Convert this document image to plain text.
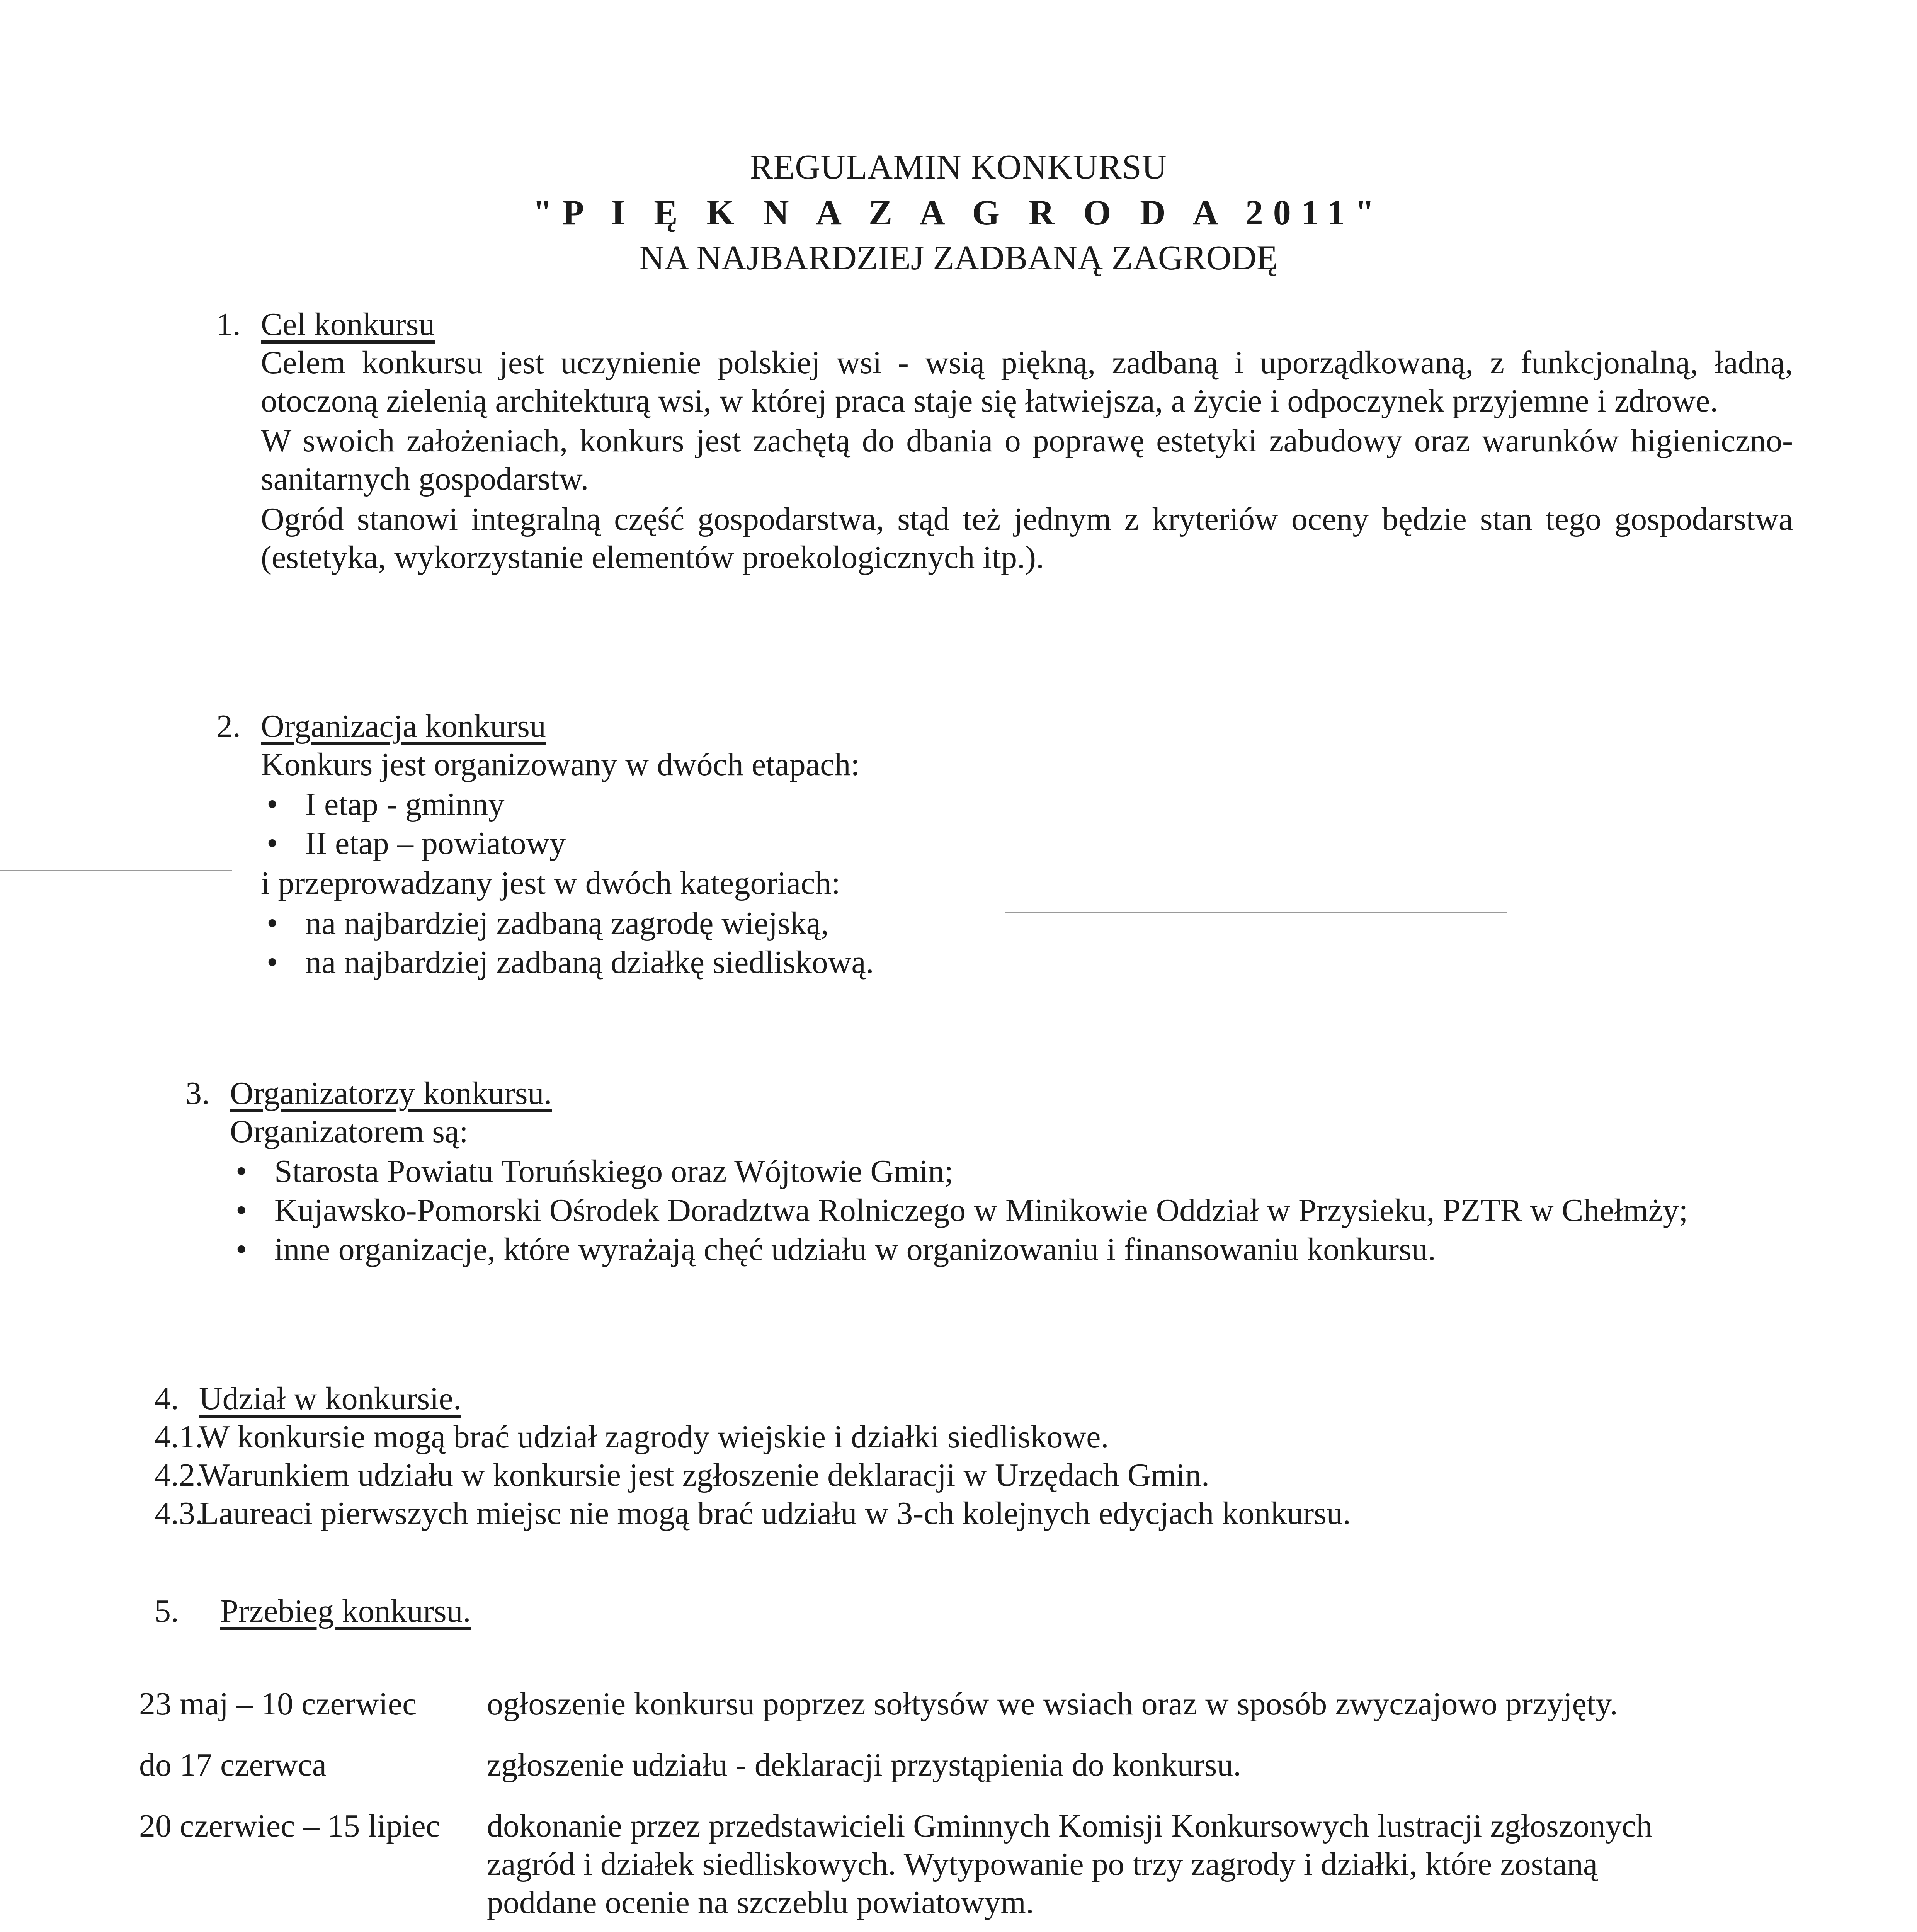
REGULAMIN KONKURSU
"P I Ę K N A Z A G R O D A 2011"
NA NAJBARDZIEJ ZADBANĄ ZAGRODĘ
1. Cel konkursu

Celem konkursu jest uczynienie polskiej wsi - wsią piękną, zadbaną i uporządkowaną, z funkcjonalną, ładną, otoczoną zielenią architekturą wsi, w której praca staje się łatwiejsza, a życie i odpoczynek przyjemne i zdrowe.

W swoich założeniach, konkurs jest zachętą do dbania o poprawę estetyki zabudowy oraz warunków higieniczno-sanitarnych gospodarstw.

Ogród stanowi integralną część gospodarstwa, stąd też jednym z kryteriów oceny będzie stan tego gospodarstwa (estetyka, wykorzystanie elementów proekologicznych itp.).

2. Organizacja konkursu
Konkurs jest organizowany w dwóch etapach:
• I etap - gminny
• II etap – powiatowy
i przeprowadzany jest w dwóch kategoriach:
• na najbardziej zadbaną zagrodę wiejską,
• na najbardziej zadbaną działkę siedliskową.
3. Organizatorzy konkursu.
Organizatorem są:
• Starosta Powiatu Toruńskiego oraz Wójtowie Gmin;
• Kujawsko-Pomorski Ośrodek Doradztwa Rolniczego w Minikowie Oddział w Przysieku, PZTR w Chełmży;
• inne organizacje, które wyrażają chęć udziału w organizowaniu i finansowaniu konkursu.
4. Udział w konkursie.
4.1.
W konkursie mogą brać udział zagrody wiejskie i działki siedliskowe.
4.2.
Warunkiem udziału w konkursie jest zgłoszenie deklaracji w Urzędach Gmin.
4.3.
Laureaci pierwszych miejsc nie mogą brać udziału w 3-ch kolejnych edycjach konkursu.
5.	Przebieg konkursu.
23 maj – 10 czerwiec	ogłoszenie konkursu poprzez sołtysów we wsiach oraz w sposób zwyczajowo przyjęty.
do 17 czerwca	zgłoszenie udziału - deklaracji przystąpienia do konkursu.
20 czerwiec – 15 lipiec	dokonanie przez przedstawicieli Gminnych Komisji Konkursowych lustracji zgłoszonych zagród i działek siedliskowych. Wytypowanie po trzy zagrody i działki, które zostaną poddane ocenie na szczeblu powiatowym.
